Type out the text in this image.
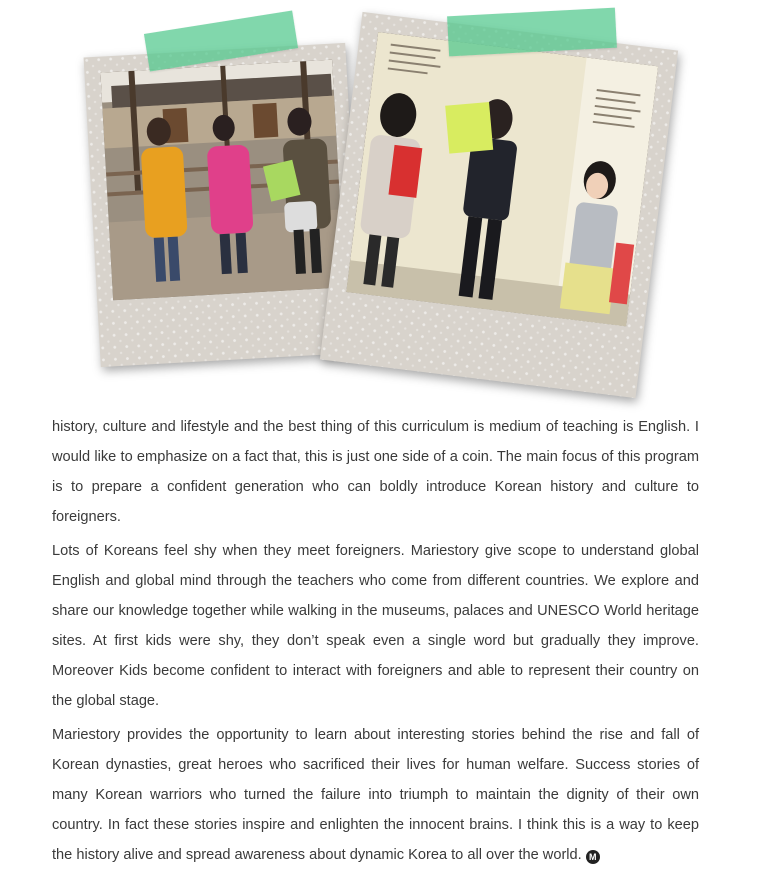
history, culture and lifestyle and the best thing of this curriculum is medium of teaching is English. I would like to emphasize on a fact that, this is just one side of a coin. The main focus of this program is to prepare a confident generation who can boldly introduce Korean history and culture to foreigners.

Lots of Koreans feel shy when they meet foreigners. Mariestory give scope to understand global English and global mind through the teachers who come from different countries. We explore and share our knowledge together while walking in the museums, palaces and UNESCO World heritage sites. At first kids were shy, they don’t speak even a single word but gradually they improve. Moreover Kids become confident to interact with foreigners and able to represent their country on the global stage.

Mariestory provides the opportunity to learn about interesting stories behind the rise and fall of Korean dynasties, great heroes who sacrificed their lives for human welfare. Success stories of many Korean warriors who turned the failure into triumph to maintain the dignity of their own country. In fact these stories inspire and enlighten the innocent brains. I think this is a way to keep the history alive and spread awareness about dynamic Korea to all over the world. M
